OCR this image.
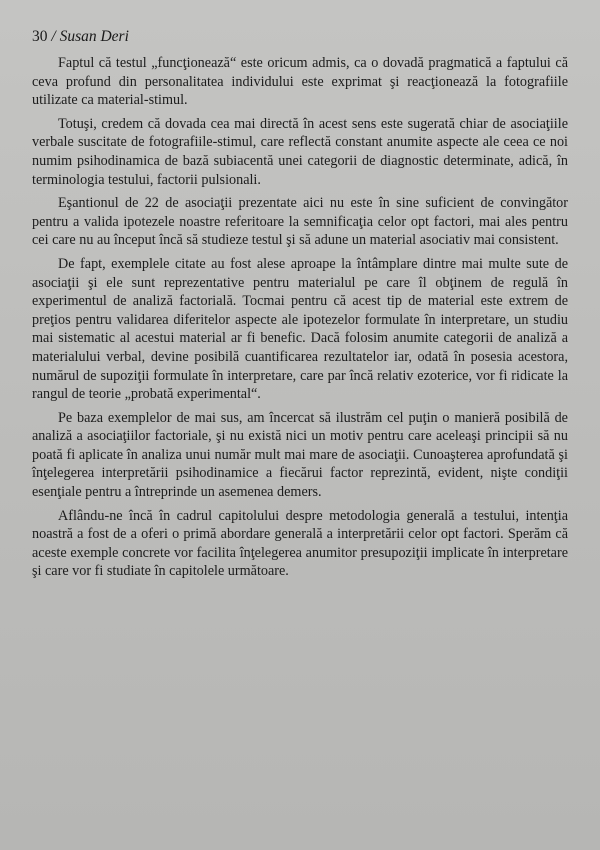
30 / Susan Deri

Faptul că testul „funcţionează“ este oricum admis, ca o dovadă pragmatică a faptului că ceva profund din personalitatea individului este exprimat şi reacţionează la fotografiile utilizate ca material-stimul.

Totuşi, credem că dovada cea mai directă în acest sens este sugerată chiar de asociaţiile verbale suscitate de fotografiile-stimul, care reflectă constant anumite aspecte ale ceea ce noi numim psihodinamica de bază subiacentă unei categorii de diagnostic determinate, adică, în terminologia testului, factorii pulsionali.

Eşantionul de 22 de asociaţii prezentate aici nu este în sine suficient de convingător pentru a valida ipotezele noastre referitoare la semnificaţia celor opt factori, mai ales pentru cei care nu au început încă să studieze testul şi să adune un material asociativ mai consistent.

De fapt, exemplele citate au fost alese aproape la întâmplare dintre mai multe sute de asociaţii şi ele sunt reprezentative pentru materialul pe care îl obţinem de regulă în experimentul de analiză factorială. Tocmai pentru că acest tip de material este extrem de preţios pentru validarea diferitelor aspecte ale ipotezelor formulate în interpretare, un studiu mai sistematic al acestui material ar fi benefic. Dacă folosim anumite categorii de analiză a materialului verbal, devine posibilă cuantificarea rezultatelor iar, odată în posesia acestora, numărul de supoziţii formulate în interpretare, care par încă relativ ezoterice, vor fi ridicate la rangul de teorie „probată experimental“.

Pe baza exemplelor de mai sus, am încercat să ilustrăm cel puţin o manieră posibilă de analiză a asociaţiilor factoriale, şi nu există nici un motiv pentru care aceleaşi principii să nu poată fi aplicate în analiza unui număr mult mai mare de asociaţii. Cunoaşterea aprofundată şi înţelegerea interpretării psihodinamice a fiecărui factor reprezintă, evident, nişte condiţii esenţiale pentru a întreprinde un asemenea demers.

Aflându-ne încă în cadrul capitolului despre metodologia generală a testului, intenţia noastră a fost de a oferi o primă abordare generală a interpretării celor opt factori. Sperăm că aceste exemple concrete vor facilita înţelegerea anumitor presupoziţii implicate în interpretare şi care vor fi studiate în capitolele următoare.
